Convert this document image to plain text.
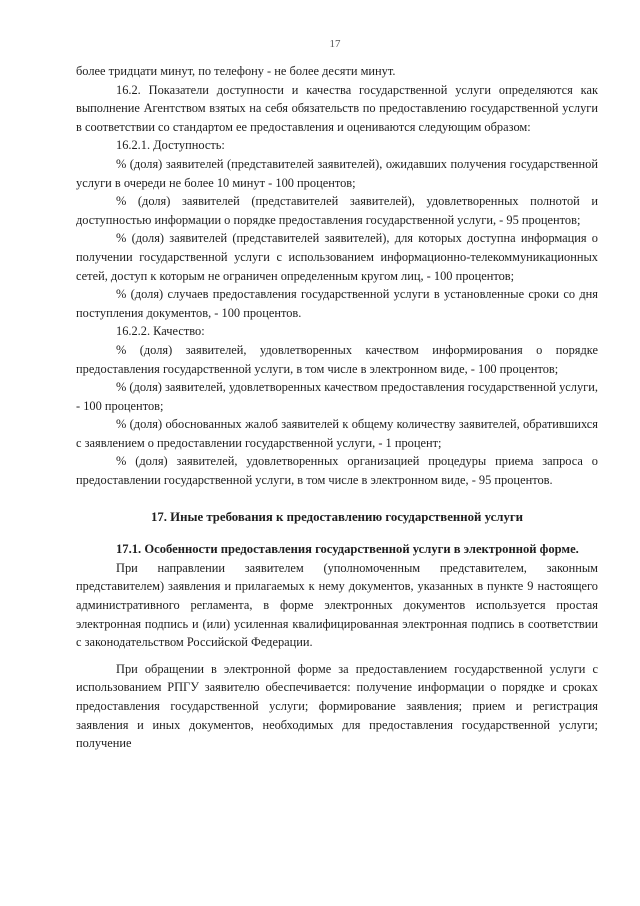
17

более тридцати минут, по телефону - не более десяти минут.

16.2. Показатели доступности и качества государственной услуги определяются как выполнение Агентством взятых на себя обязательств по предоставлению государственной услуги в соответствии со стандартом ее предоставления и оцениваются следующим образом:

16.2.1. Доступность:

% (доля) заявителей (представителей заявителей), ожидавших получения государственной услуги в очереди не более 10 минут - 100 процентов;

% (доля) заявителей (представителей заявителей), удовлетворенных полнотой и доступностью информации о порядке предоставления государственной услуги, - 95 процентов;

% (доля) заявителей (представителей заявителей), для которых доступна информация о получении государственной услуги с использованием информационно-телекоммуникационных сетей, доступ к которым не ограничен определенным кругом лиц, - 100 процентов;

% (доля) случаев предоставления государственной услуги в установленные сроки со дня поступления документов, - 100 процентов.

16.2.2. Качество:

% (доля) заявителей, удовлетворенных качеством информирования о порядке предоставления государственной услуги, в том числе в электронном виде, - 100 процентов;

% (доля) заявителей, удовлетворенных качеством предоставления государственной услуги, - 100 процентов;

% (доля) обоснованных жалоб заявителей к общему количеству заявителей, обратившихся с заявлением о предоставлении государственной услуги, - 1 процент;

% (доля) заявителей, удовлетворенных организацией процедуры приема запроса о предоставлении государственной услуги, в том числе в электронном виде, - 95 процентов.

17. Иные требования к предоставлению государственной услуги

17.1. Особенности предоставления государственной услуги в электронной форме.

При направлении заявителем (уполномоченным представителем, законным представителем) заявления и прилагаемых к нему документов, указанных в пункте 9 настоящего административного регламента, в форме электронных документов используется простая электронная подпись и (или) усиленная квалифицированная электронная подпись в соответствии с законодательством Российской Федерации.

При обращении в электронной форме за предоставлением государственной услуги с использованием РПГУ заявителю обеспечивается: получение информации о порядке и сроках предоставления государственной услуги; формирование заявления; прием и регистрация заявления и иных документов, необходимых для предоставления государственной услуги; получение
